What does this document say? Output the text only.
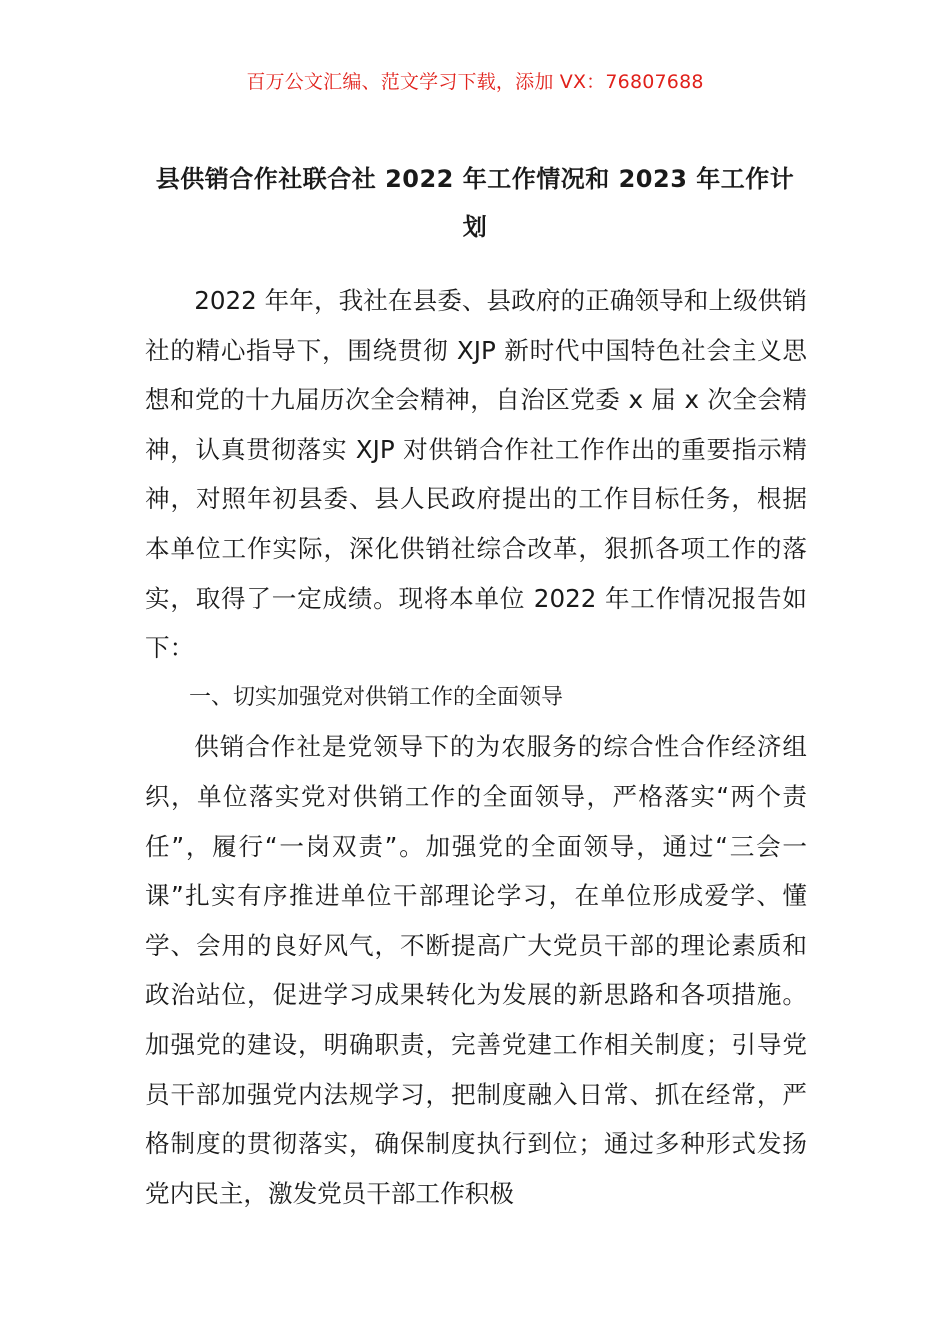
百万公文汇编、范文学习下载，添加 VX：76807688
县供销合作社联合社 2022 年工作情况和 2023 年工作计划

2022 年年，我社在县委、县政府的正确领导和上级供销社的精心指导下，围绕贯彻 XJP 新时代中国特色社会主义思想和党的十九届历次全会精神，自治区党委 x 届 x 次全会精神，认真贯彻落实 XJP 对供销合作社工作作出的重要指示精神，对照年初县委、县人民政府提出的工作目标任务，根据本单位工作实际，深化供销社综合改革，狠抓各项工作的落实，取得了一定成绩。现将本单位 2022 年工作情况报告如下：

一、切实加强党对供销工作的全面领导

供销合作社是党领导下的为农服务的综合性合作经济组织，单位落实党对供销工作的全面领导，严格落实“两个责任”，履行“一岗双责”。加强党的全面领导，通过“三会一课”扎实有序推进单位干部理论学习，在单位形成爱学、懂学、会用的良好风气，不断提高广大党员干部的理论素质和政治站位，促进学习成果转化为发展的新思路和各项措施。加强党的建设，明确职责，完善党建工作相关制度；引导党员干部加强党内法规学习，把制度融入日常、抓在经常，严格制度的贯彻落实，确保制度执行到位；通过多种形式发扬党内民主，激发党员干部工作积极
